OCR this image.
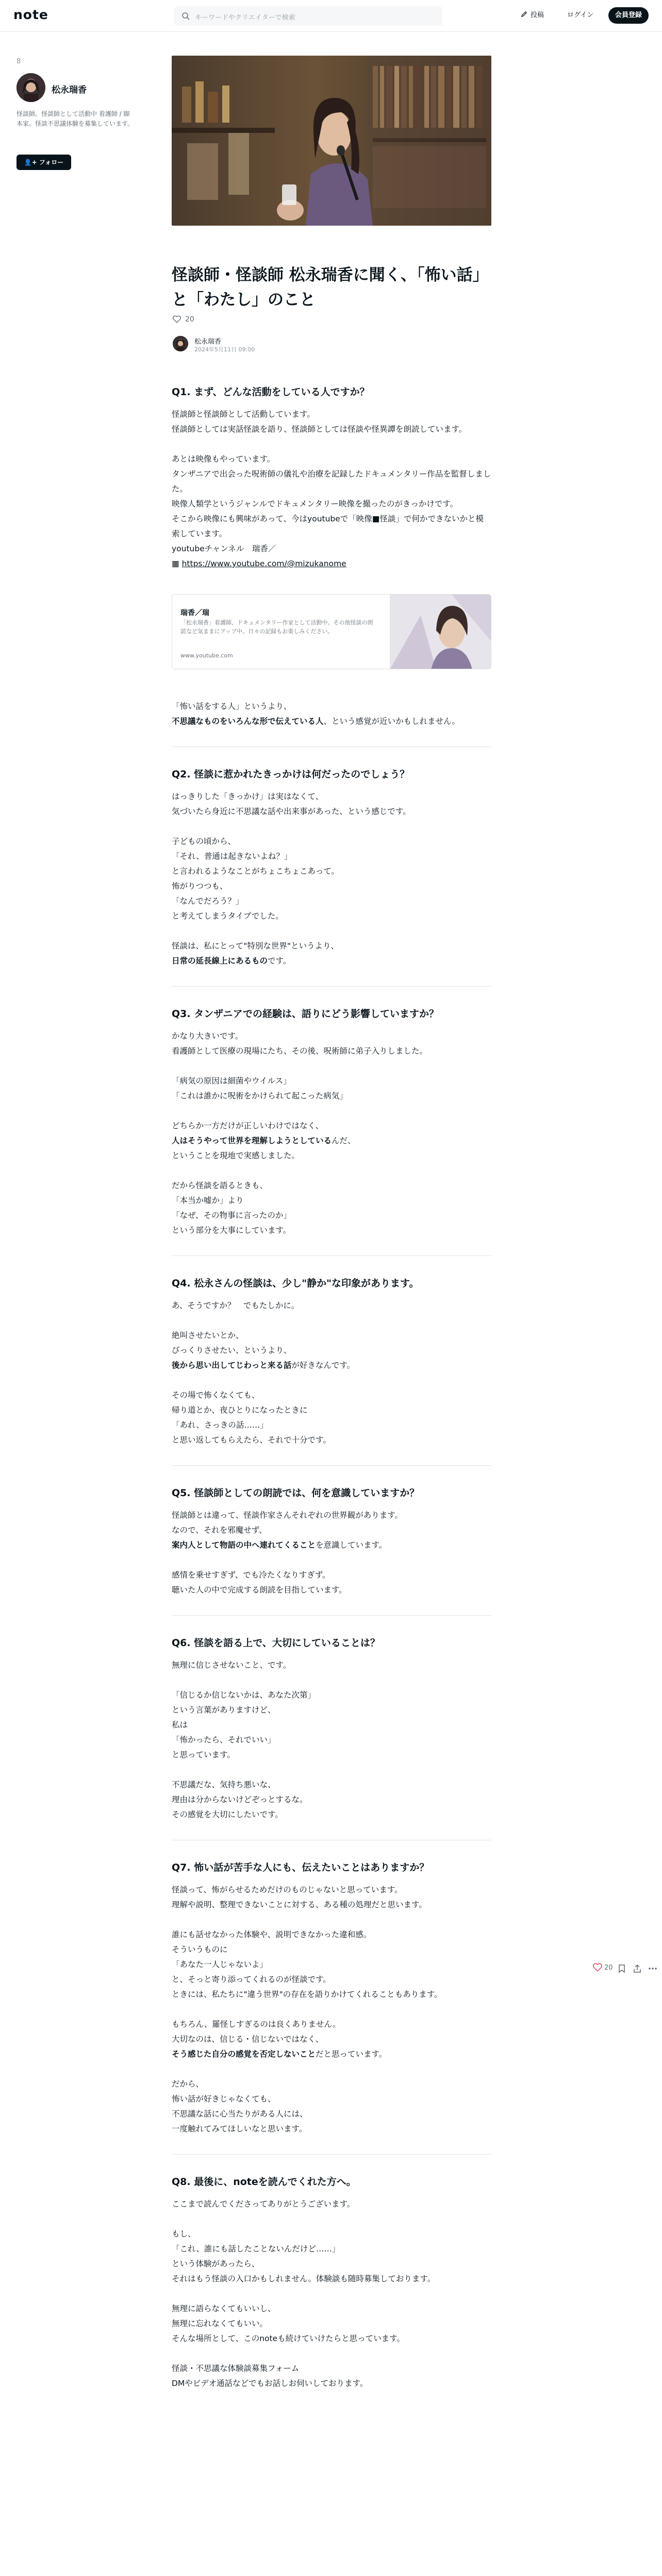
note	キーワードやクリエイターで検索	投稿	ログイン	会員登録
8
松永瑞香
怪談師。怪談師として活動中 看護師 / 脚本家。怪談不思議体験を募集しています。
👤+ フォロー
怪談師・怪談師 松永瑞香に聞く、「怖い話」
と「わたし」のこと
20
松永瑞香
2024年5月11日 09:00
Q1. まず、どんな活動をしている人ですか？

怪談師と怪談師として活動しています。

怪談師としては実話怪談を語り、怪談師としては怪談や怪異譚を朗読しています。

あとは映像もやっています。

タンザニアで出会った呪術師の儀礼や治療を記録したドキュメンタリー作品を監督しました。

映像人類学というジャンルでドキュメンタリー映像を撮ったのがきっかけです。

そこから映像にも興味があって、今はyoutubeで「映像■怪談」で何かできないかと模索しています。

youtubeチャンネル　瑞香／

▦ https://www.youtube.com/@mizukanome

瑞香／瑞
「松永瑞香」看護師、ドキュメンタリー作家として活動中。その他怪談の朗読など気ままにアップ中。日々の記録もお楽しみください。
www.youtube.com

「怖い話をする人」というより、

不思議なものをいろんな形で伝えている人、という感覚が近いかもしれません。

Q2. 怪談に惹かれたきっかけは何だったのでしょう？

はっきりした「きっかけ」は実はなくて、

気づいたら身近に不思議な話や出来事があった、という感じです。

子どもの頃から、

「それ、普通は起きないよね？」

と言われるようなことがちょこちょこあって。

怖がりつつも、

「なんでだろう？」

と考えてしまうタイプでした。

怪談は、私にとって"特別な世界"というより、

日常の延長線上にあるものです。

Q3. タンザニアでの経験は、語りにどう影響していますか？

かなり大きいです。

看護師として医療の現場にたち、その後、呪術師に弟子入りしました。

「病気の原因は細菌やウイルス」

「これは誰かに呪術をかけられて起こった病気」

どちらか一方だけが正しいわけではなく、

人はそうやって世界を理解しようとしているんだ、

ということを現地で実感しました。

だから怪談を語るときも、

「本当か嘘か」より

「なぜ、その物事に言ったのか」

という部分を大事にしています。

Q4. 松永さんの怪談は、少し"静か"な印象があります。

あ、そうですか？　でもたしかに。

絶叫させたいとか、

びっくりさせたい、というより、

後から思い出してじわっと来る話が好きなんです。

その場で怖くなくても、

帰り道とか、夜ひとりになったときに

「あれ、さっきの話……」

と思い返してもらえたら、それで十分です。

Q5. 怪談師としての朗読では、何を意識していますか？

怪談師とは違って、怪談作家さんそれぞれの世界観があります。

なので、それを邪魔せず、

案内人として物語の中へ連れてくることを意識しています。

感情を乗せすぎず、でも冷たくなりすぎず。

聴いた人の中で完成する朗読を目指しています。

Q6. 怪談を語る上で、大切にしていることは？

無理に信じさせないこと、です。

「信じるか信じないかは、あなた次第」

という言葉がありますけど、

私は

「怖かったら、それでいい」

と思っています。

不思議だな、気持ち悪いな、

理由は分からないけどぞっとするな。

その感覚を大切にしたいです。

Q7. 怖い話が苦手な人にも、伝えたいことはありますか？

怪談って、怖がらせるためだけのものじゃないと思っています。

理解や説明、整理できないことに対する、ある種の処理だと思います。

誰にも話せなかった体験や、説明できなかった違和感。

そういうものに

「あなた一人じゃないよ」

と、そっと寄り添ってくれるのが怪談です。

ときには、私たちに"違う世界"の存在を語りかけてくれることもあります。

もちろん、羅怪しすぎるのは良くありません。

大切なのは、信じる・信じないではなく、

そう感じた自分の感覚を否定しないことだと思っています。

だから、

怖い話が好きじゃなくても、

不思議な話に心当たりがある人には、

一度触れてみてほしいなと思います。

Q8. 最後に、noteを読んでくれた方へ。

ここまで読んでくださってありがとうございます。

もし、

「これ、誰にも話したことないんだけど……」

という体験があったら、

それはもう怪談の入口かもしれません。体験談も随時募集しております。

無理に語らなくてもいいし、

無理に忘れなくてもいい。

そんな場所として、このnoteも続けていけたらと思っています。

怪談・不思議な体験談募集フォーム

DMやビデオ通話などでもお話しお伺いしております。

20
